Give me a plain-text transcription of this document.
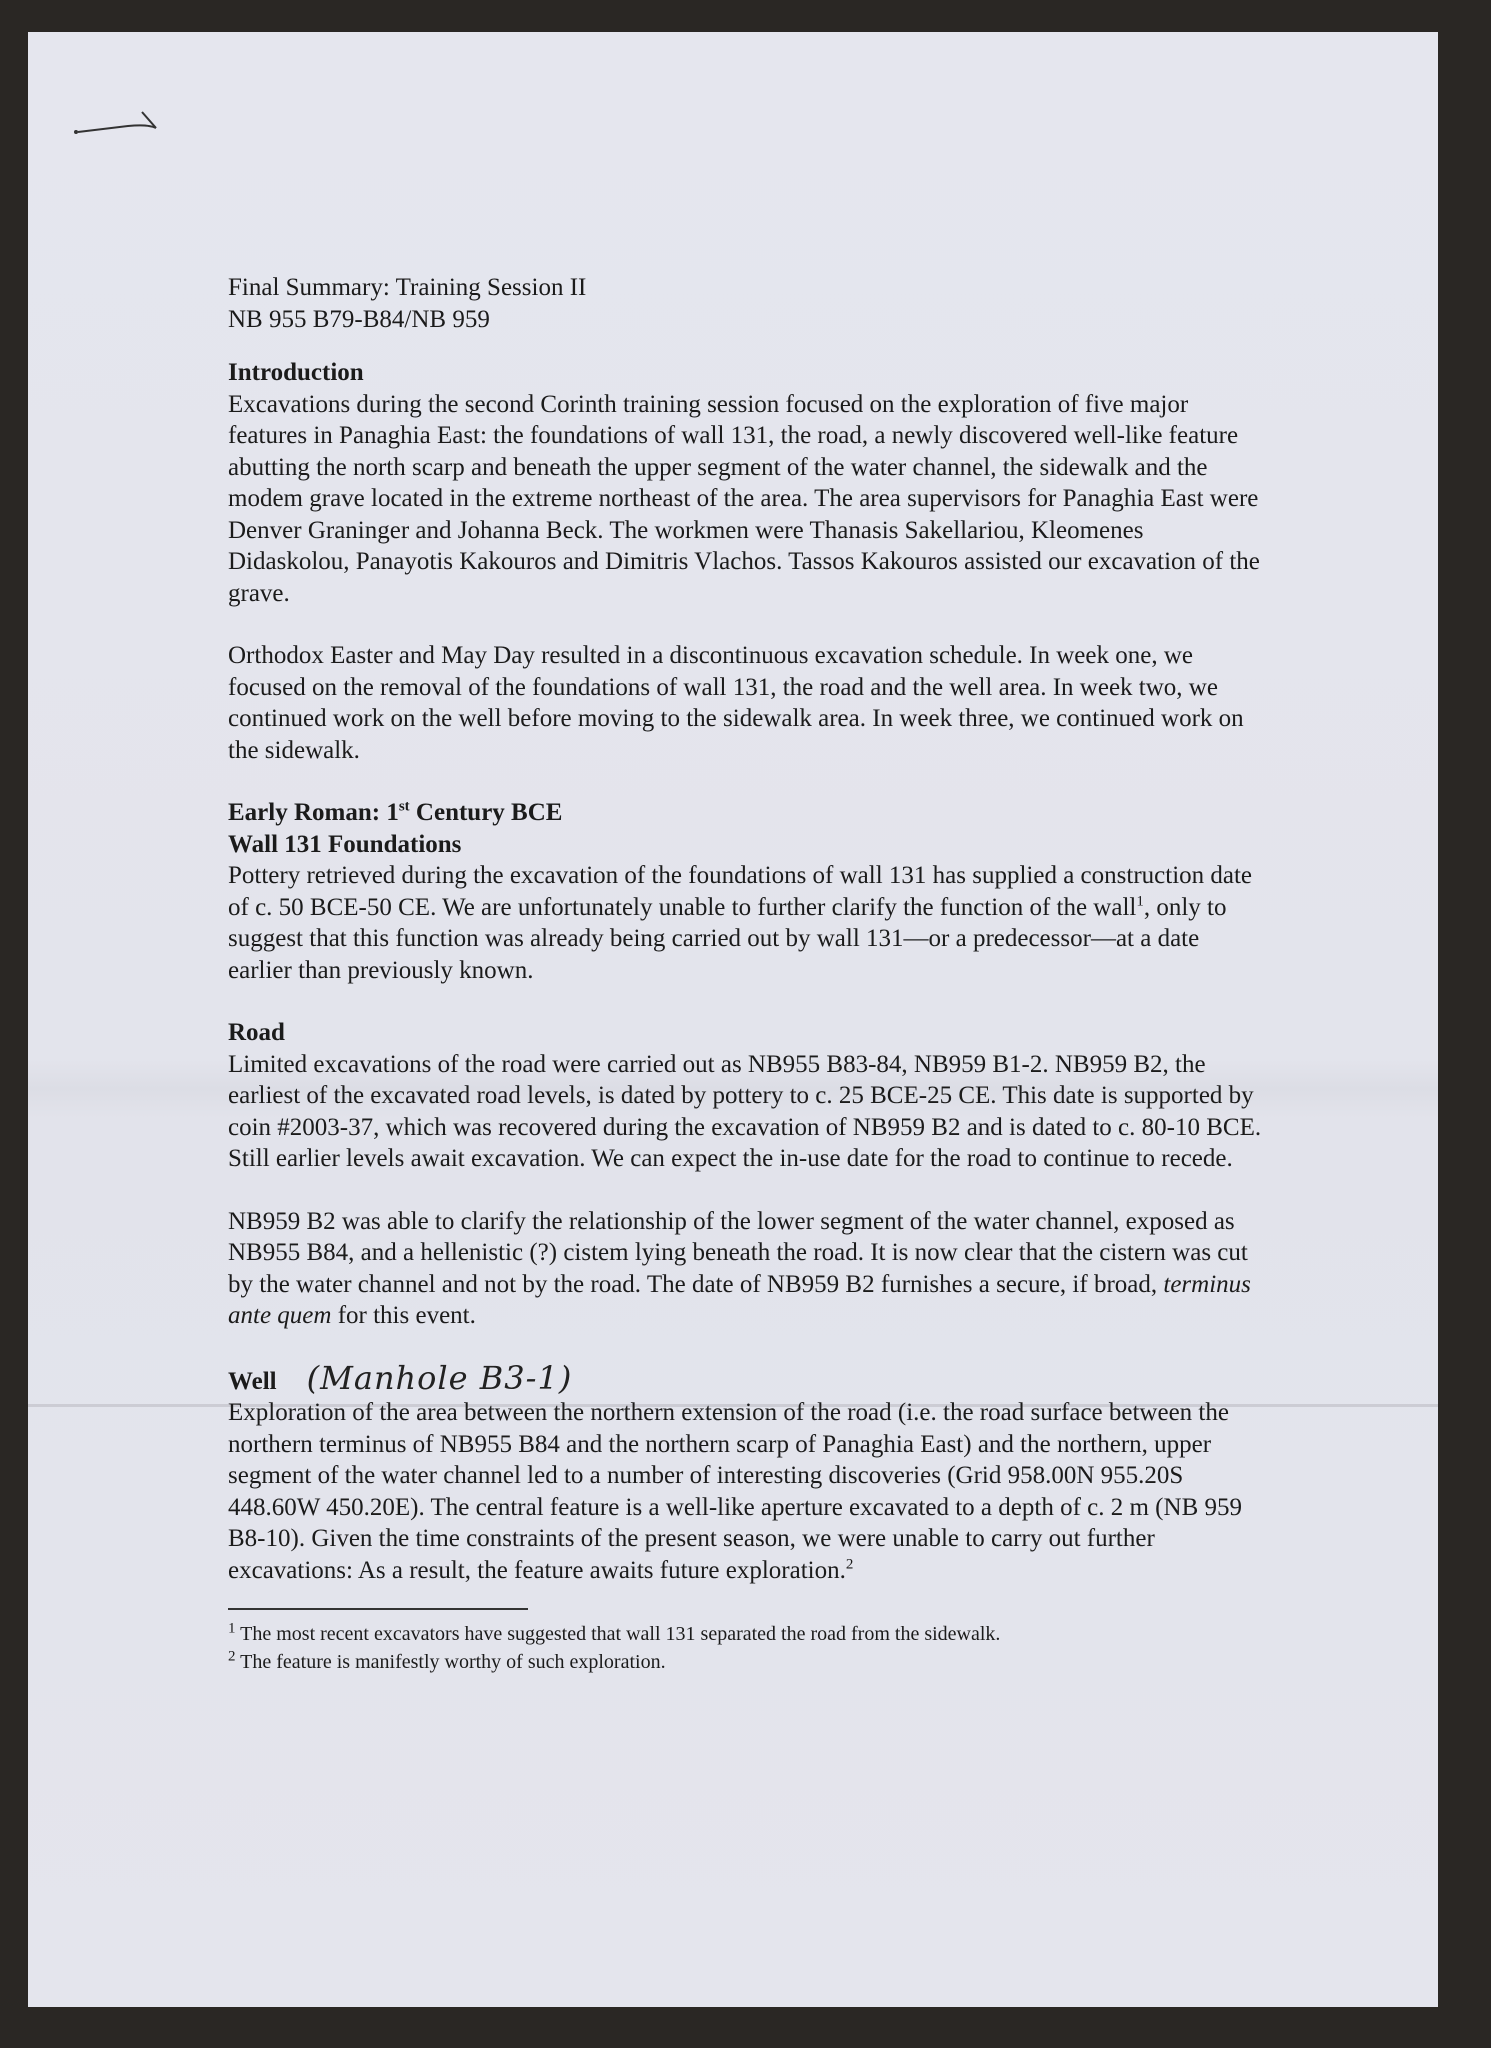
Final Summary: Training Session II

NB 955 B79-B84/NB 959

Introduction

Excavations during the second Corinth training session focused on the exploration of five major features in Panaghia East: the foundations of wall 131, the road, a newly discovered well-like feature abutting the north scarp and beneath the upper segment of the water channel, the sidewalk and the modem grave located in the extreme northeast of the area. The area supervisors for Panaghia East were Denver Graninger and Johanna Beck. The workmen were Thanasis Sakellariou, Kleomenes Didaskolou, Panayotis Kakouros and Dimitris Vlachos. Tassos Kakouros assisted our excavation of the grave.

Orthodox Easter and May Day resulted in a discontinuous excavation schedule. In week one, we focused on the removal of the foundations of wall 131, the road and the well area. In week two, we continued work on the well before moving to the sidewalk area. In week three, we continued work on the sidewalk.

Early Roman: 1st Century BCE

Wall 131 Foundations

Pottery retrieved during the excavation of the foundations of wall 131 has supplied a construction date of c. 50 BCE-50 CE. We are unfortunately unable to further clarify the function of the wall$^1$, only to suggest that this function was already being carried out by wall 131—or a predecessor—at a date earlier than previously known.

Road

Limited excavations of the road were carried out as NB955 B83-84, NB959 B1-2. NB959 B2, the earliest of the excavated road levels, is dated by pottery to c. 25 BCE-25 CE. This date is supported by coin #2003-37, which was recovered during the excavation of NB959 B2 and is dated to c. 80-10 BCE. Still earlier levels await excavation. We can expect the in-use date for the road to continue to recede.

NB959 B2 was able to clarify the relationship of the lower segment of the water channel, exposed as NB955 B84, and a hellenistic (?) cistem lying beneath the road. It is now clear that the cistern was cut by the water channel and not by the road. The date of NB959 B2 furnishes a secure, if broad, terminus ante quem for this event.

Well (Manhole B3-1)

Exploration of the area between the northern extension of the road (i.e. the road surface between the northern terminus of NB955 B84 and the northern scarp of Panaghia East) and the northern, upper segment of the water channel led to a number of interesting discoveries (Grid 958.00N 955.20S 448.60W 450.20E). The central feature is a well-like aperture excavated to a depth of c. 2 m (NB 959 B8-10). Given the time constraints of the present season, we were unable to carry out further excavations: As a result, the feature awaits future exploration.$^2$

$^1$ The most recent excavators have suggested that wall 131 separated the road from the sidewalk.

$^2$ The feature is manifestly worthy of such exploration.
